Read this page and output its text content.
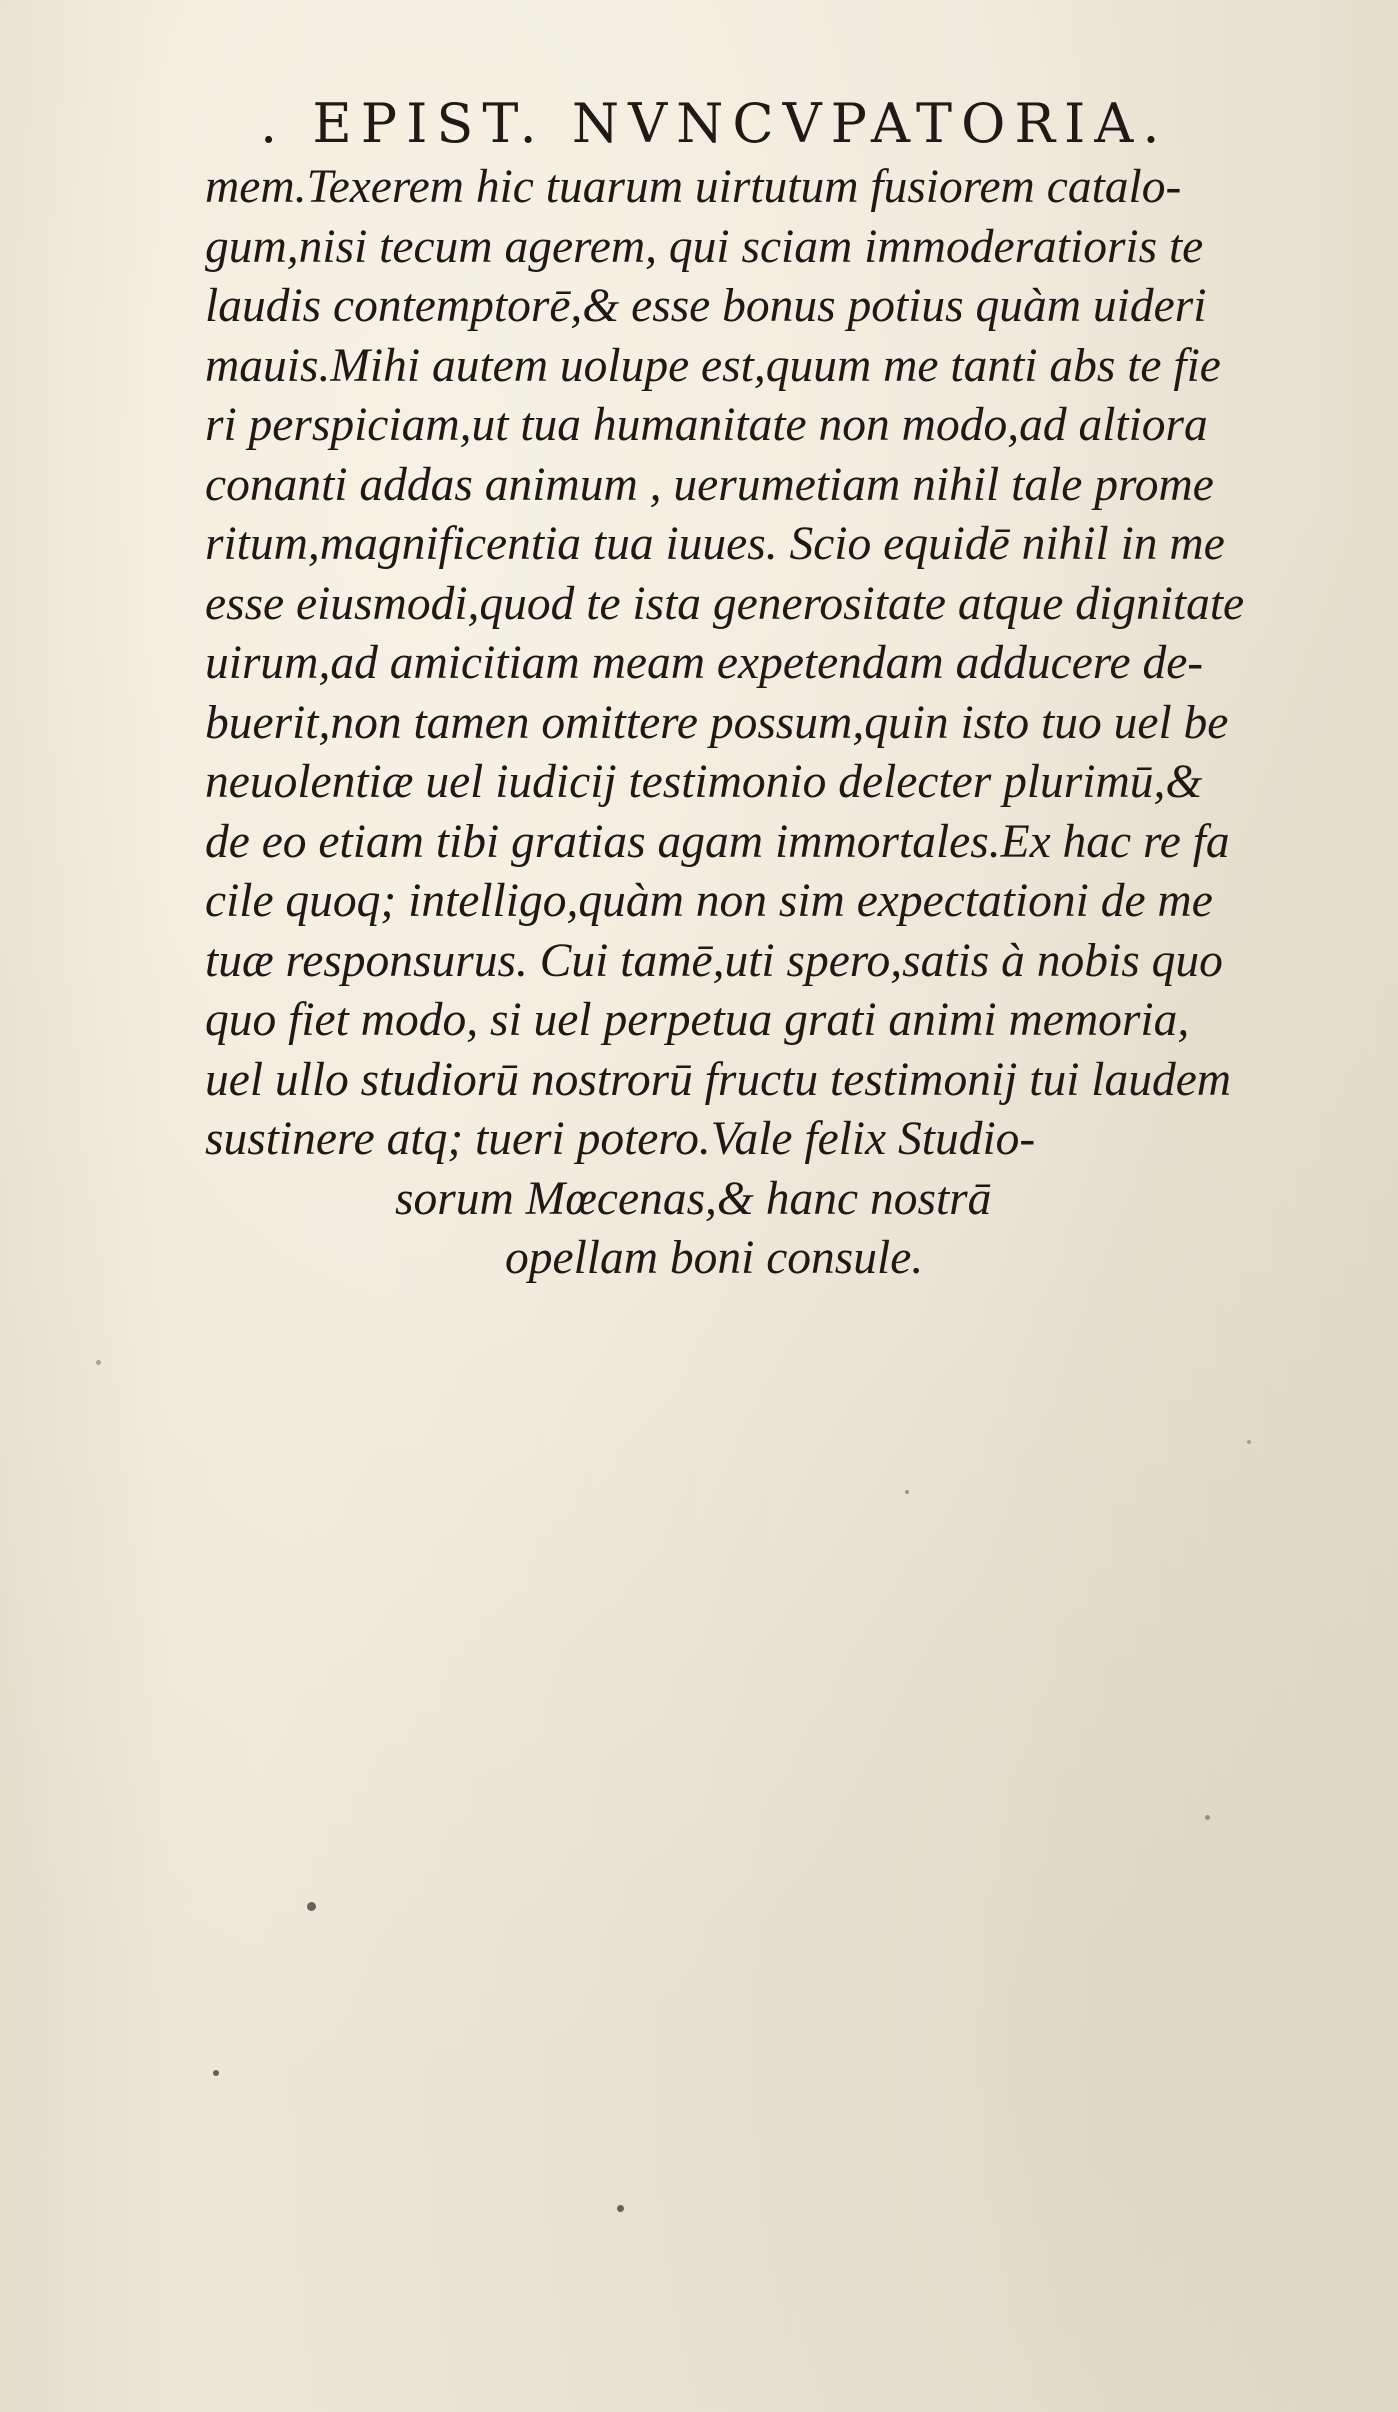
. EPIST. NVNCVPATORIA.
mem.Texerem hic tuarum uirtutum fusiorem catalo-
gum,nisi tecum agerem, qui sciam immoderatioris te
laudis contemptorē,& esse bonus potius quàm uideri
mauis.Mihi autem uolupe est,quum me tanti abs te fie
ri perspiciam,ut tua humanitate non modo,ad altiora
conanti addas animum , uerumetiam nihil tale prome
ritum,magnificentia tua iuues. Scio equidē nihil in me
esse eiusmodi,quod te ista generositate atque dignitate
uirum,ad amicitiam meam expetendam adducere de-
buerit,non tamen omittere possum,quin isto tuo uel be
neuolentiæ uel iudicij testimonio delecter plurimū,&
de eo etiam tibi gratias agam immortales.Ex hac re fa
cile quoq; intelligo,quàm non sim expectationi de me
tuæ responsurus. Cui tamē,uti spero,satis à nobis quo
quo fiet modo, si uel perpetua grati animi memoria,
uel ullo studiorū nostrorū fructu testimonij tui laudem
sustinere atq; tueri potero.Vale felix Studio-
sorum Mœcenas,& hanc nostrā
opellam boni consule.
